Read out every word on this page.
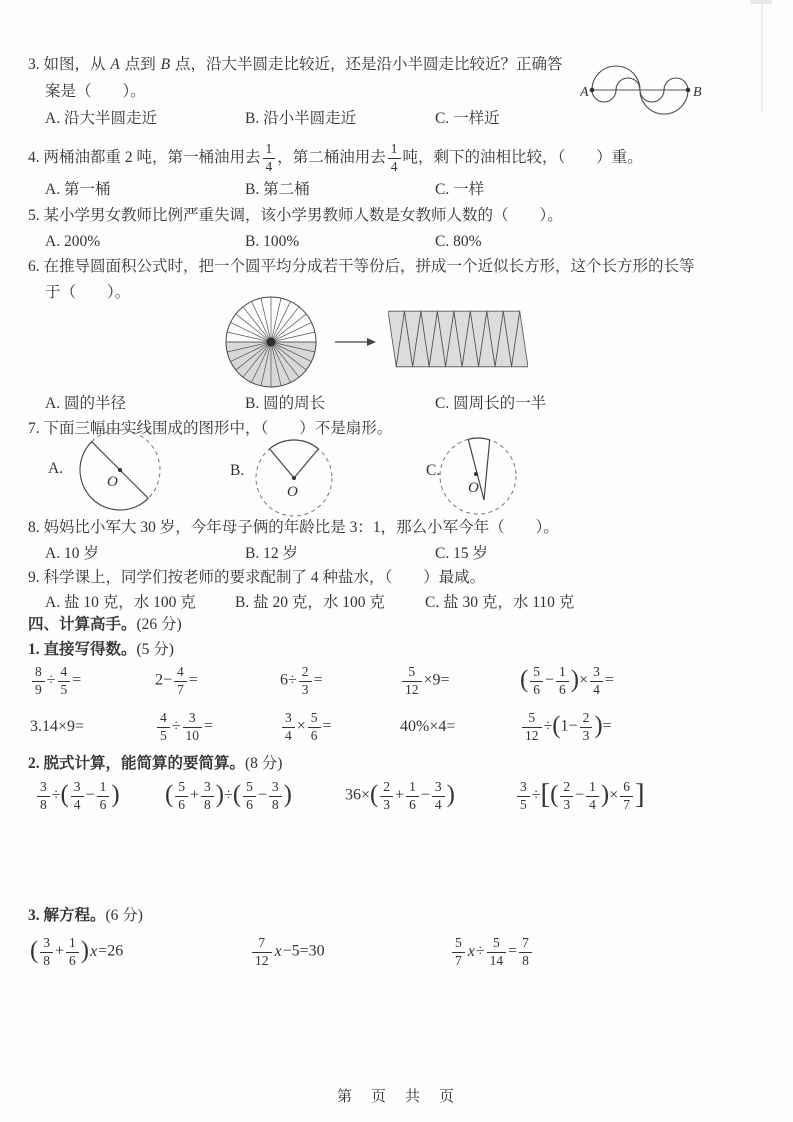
3. 如图，从 A 点到 B 点，沿大半圆走比较近，还是沿小半圆走比较近？正确答
案是（　　）。
A. 沿大半圆走近	B. 沿小半圆走近	C. 一样近
A	B
4. 两桶油都重 2 吨，第一桶油用去 $\frac{1}{4}$ ，第二桶油用去 $\frac{1}{4}$ 吨，剩下的油相比较，（　　）重。
A. 第一桶	B. 第二桶	C. 一样
5. 某小学男女教师比例严重失调，该小学男教师人数是女教师人数的（　　）。
A. 200%	B. 100%	C. 80%
6. 在推导圆面积公式时，把一个圆平均分成若干等份后，拼成一个近似长方形，这个长方形的长等
于（　　）。
A. 圆的半径	B. 圆的周长	C. 圆周长的一半
7. 下面三幅由实线围成的图形中，（　　）不是扇形。
A.
O
B.
O
C.
O
8. 妈妈比小军大 30 岁，今年母子俩的年龄比是 3：1，那么小军今年（　　）。
A. 10 岁	B. 12 岁	C. 15 岁
9. 科学课上，同学们按老师的要求配制了 4 种盐水，（　　）最咸。
A. 盐 10 克，水 100 克	B. 盐 20 克，水 100 克	C. 盐 30 克，水 110 克
四、计算高手。(26 分)
1. 直接写得数。(5 分)
$\frac{8}{9} \div \frac{4}{5}$ =	$2- \frac{4}{7}$ =	$6\div \frac{2}{3}$ =	$\frac{5}{12} \times 9=$	( $\frac{5}{6} - \frac{1}{6}$ )× $\frac{3}{4}$ =
3.14×9=	$\frac{4}{5} \div \frac{3}{10}$ =	$\frac{3}{4} \times \frac{5}{6}$ =	40%×4=	$\frac{5}{12} \div(1- \frac{2}{3}$ )=
2. 脱式计算，能简算的要简算。(8 分)
$\frac{3}{8}$ ÷( $\frac{3}{4} - \frac{1}{6}$ )	( $\frac{5}{6} + \frac{3}{8}$ )÷( $\frac{5}{6} - \frac{3}{8}$ )	$36\times( \frac{2}{3} + \frac{1}{6} - \frac{3}{4}$ )	$\frac{3}{5}$ ÷[( $\frac{2}{3} - \frac{1}{4}$ )× $\frac{6}{7}$ ]
3. 解方程。(6 分)
( $\frac{3}{8} + \frac{1}{6} )x=26$	$\frac{7}{12} x-5=30$	$\frac{5}{7} x\div \frac{5}{14} = \frac{7}{8}$
第　页　共　页
